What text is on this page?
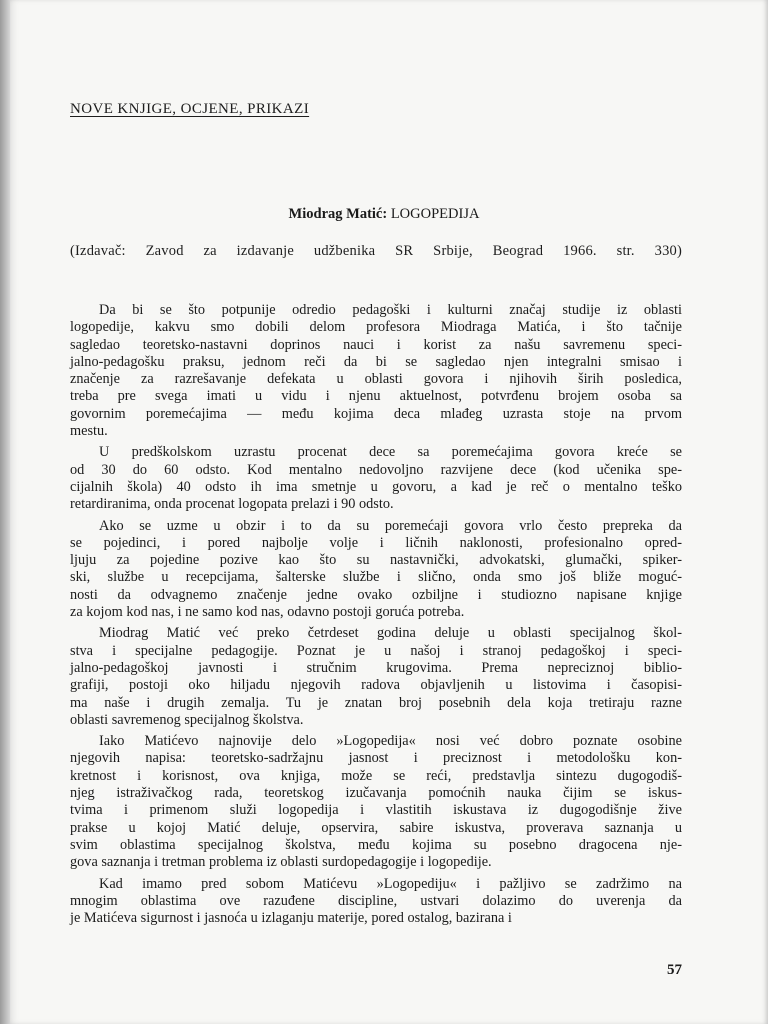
NOVE KNJIGE, OCJENE, PRIKAZI
Miodrag Matić: LOGOPEDIJA
(Izdavač: Zavod za izdavanje udžbenika SR Srbije, Beograd 1966. str. 330)

Da bi se što potpunije odredio pedagoški i kulturni značaj studije iz oblasti
logopedije, kakvu smo dobili delom profesora Miodraga Matića, i što tačnije
sagledao teoretsko-nastavni doprinos nauci i korist za našu savremenu speci-
jalno-pedagošku praksu, jednom reči da bi se sagledao njen integralni smisao i
značenje za razrešavanje defekata u oblasti govora i njihovih širih posledica,
treba pre svega imati u vidu i njenu aktuelnost, potvrđenu brojem osoba sa
govornim poremećajima — među kojima deca mlađeg uzrasta stoje na prvom
mestu.

U predškolskom uzrastu procenat dece sa poremećajima govora kreće se
od 30 do 60 odsto. Kod mentalno nedovoljno razvijene dece (kod učenika spe-
cijalnih škola) 40 odsto ih ima smetnje u govoru, a kad je reč o mentalno teško
retardiranima, onda procenat logopata prelazi i 90 odsto.

Ako se uzme u obzir i to da su poremećaji govora vrlo često prepreka da
se pojedinci, i pored najbolje volje i ličnih naklonosti, profesionalno opred-
ljuju za pojedine pozive kao što su nastavnički, advokatski, glumački, spiker-
ski, službe u recepcijama, šalterske službe i slično, onda smo još bliže moguć-
nosti da odvagnemo značenje jedne ovako ozbiljne i studiozno napisane knjige
za kojom kod nas, i ne samo kod nas, odavno postoji goruća potreba.

Miodrag Matić već preko četrdeset godina deluje u oblasti specijalnog škol-
stva i specijalne pedagogije. Poznat je u našoj i stranoj pedagoškoj i speci-
jalno-pedagoškoj javnosti i stručnim krugovima. Prema nepreciznoj biblio-
grafiji, postoji oko hiljadu njegovih radova objavljenih u listovima i časopisi-
ma naše i drugih zemalja. Tu je znatan broj posebnih dela koja tretiraju razne
oblasti savremenog specijalnog školstva.

Iako Matićevo najnovije delo »Logopedija« nosi već dobro poznate osobine
njegovih napisa: teoretsko-sadržajnu jasnost i preciznost i metodološku kon-
kretnost i korisnost, ova knjiga, može se reći, predstavlja sintezu dugogodiš-
njeg istraživačkog rada, teoretskog izučavanja pomoćnih nauka čijim se iskus-
tvima i primenom služi logopedija i vlastitih iskustava iz dugogodišnje žive
prakse u kojoj Matić deluje, opservira, sabire iskustva, proverava saznanja u
svim oblastima specijalnog školstva, među kojima su posebno dragocena nje-
gova saznanja i tretman problema iz oblasti surdopedagogije i logopedije.

Kad imamo pred sobom Matićevu »Logopediju« i pažljivo se zadržimo na
mnogim oblastima ove razuđene discipline, ustvari dolazimo do uverenja da
je Matićeva sigurnost i jasnoća u izlaganju materije, pored ostalog, bazirana i

57
